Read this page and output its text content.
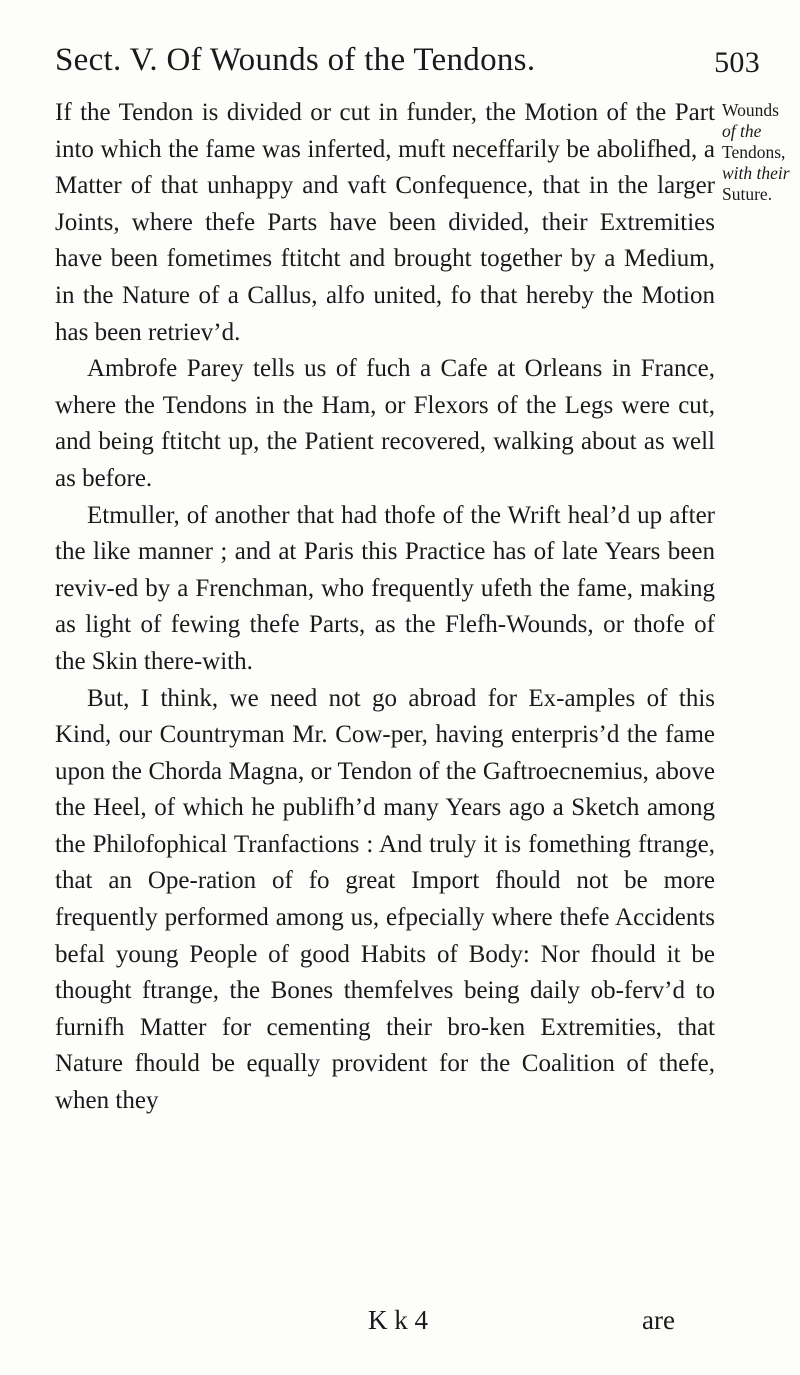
Sect. V. Of Wounds of the Tendons.	503

If the Tendon is divided or cut in funder, the Motion of the Part into which the fame was inferted, muft neceffarily be abolifhed, a Matter of that unhappy and vaft Confequence, that in the larger Joints, where thefe Parts have been divided, their Extremities have been fometimes ftitcht and brought together by a Medium, in the Nature of a Callus, alfo united, fo that hereby the Motion has been retriev’d.

Ambrofe Parey tells us of fuch a Cafe at Orleans in France, where the Tendons in the Ham, or Flexors of the Legs were cut, and being ftitcht up, the Patient recovered, walking about as well as before.

Etmuller, of another that had thofe of the Wrift heal’d up after the like manner ; and at Paris this Practice has of late Years been reviv-ed by a Frenchman, who frequently ufeth the fame, making as light of fewing thefe Parts, as the Flefh-Wounds, or thofe of the Skin there-with.

But, I think, we need not go abroad for Ex-amples of this Kind, our Countryman Mr. Cow-per, having enterpris’d the fame upon the Chorda Magna, or Tendon of the Gaftroecnemius, above the Heel, of which he publifh’d many Years ago a Sketch among the Philofophical Tranfactions : And truly it is fomething ftrange, that an Ope-ration of fo great Import fhould not be more frequently performed among us, efpecially where thefe Accidents befal young People of good Habits of Body: Nor fhould it be thought ftrange, the Bones themfelves being daily ob-ferv’d to furnifh Matter for cementing their bro-ken Extremities, that Nature fhould be equally provident for the Coalition of thefe, when they

Wounds
of the
Tendons,
with their
Suture.
K k 4	are
